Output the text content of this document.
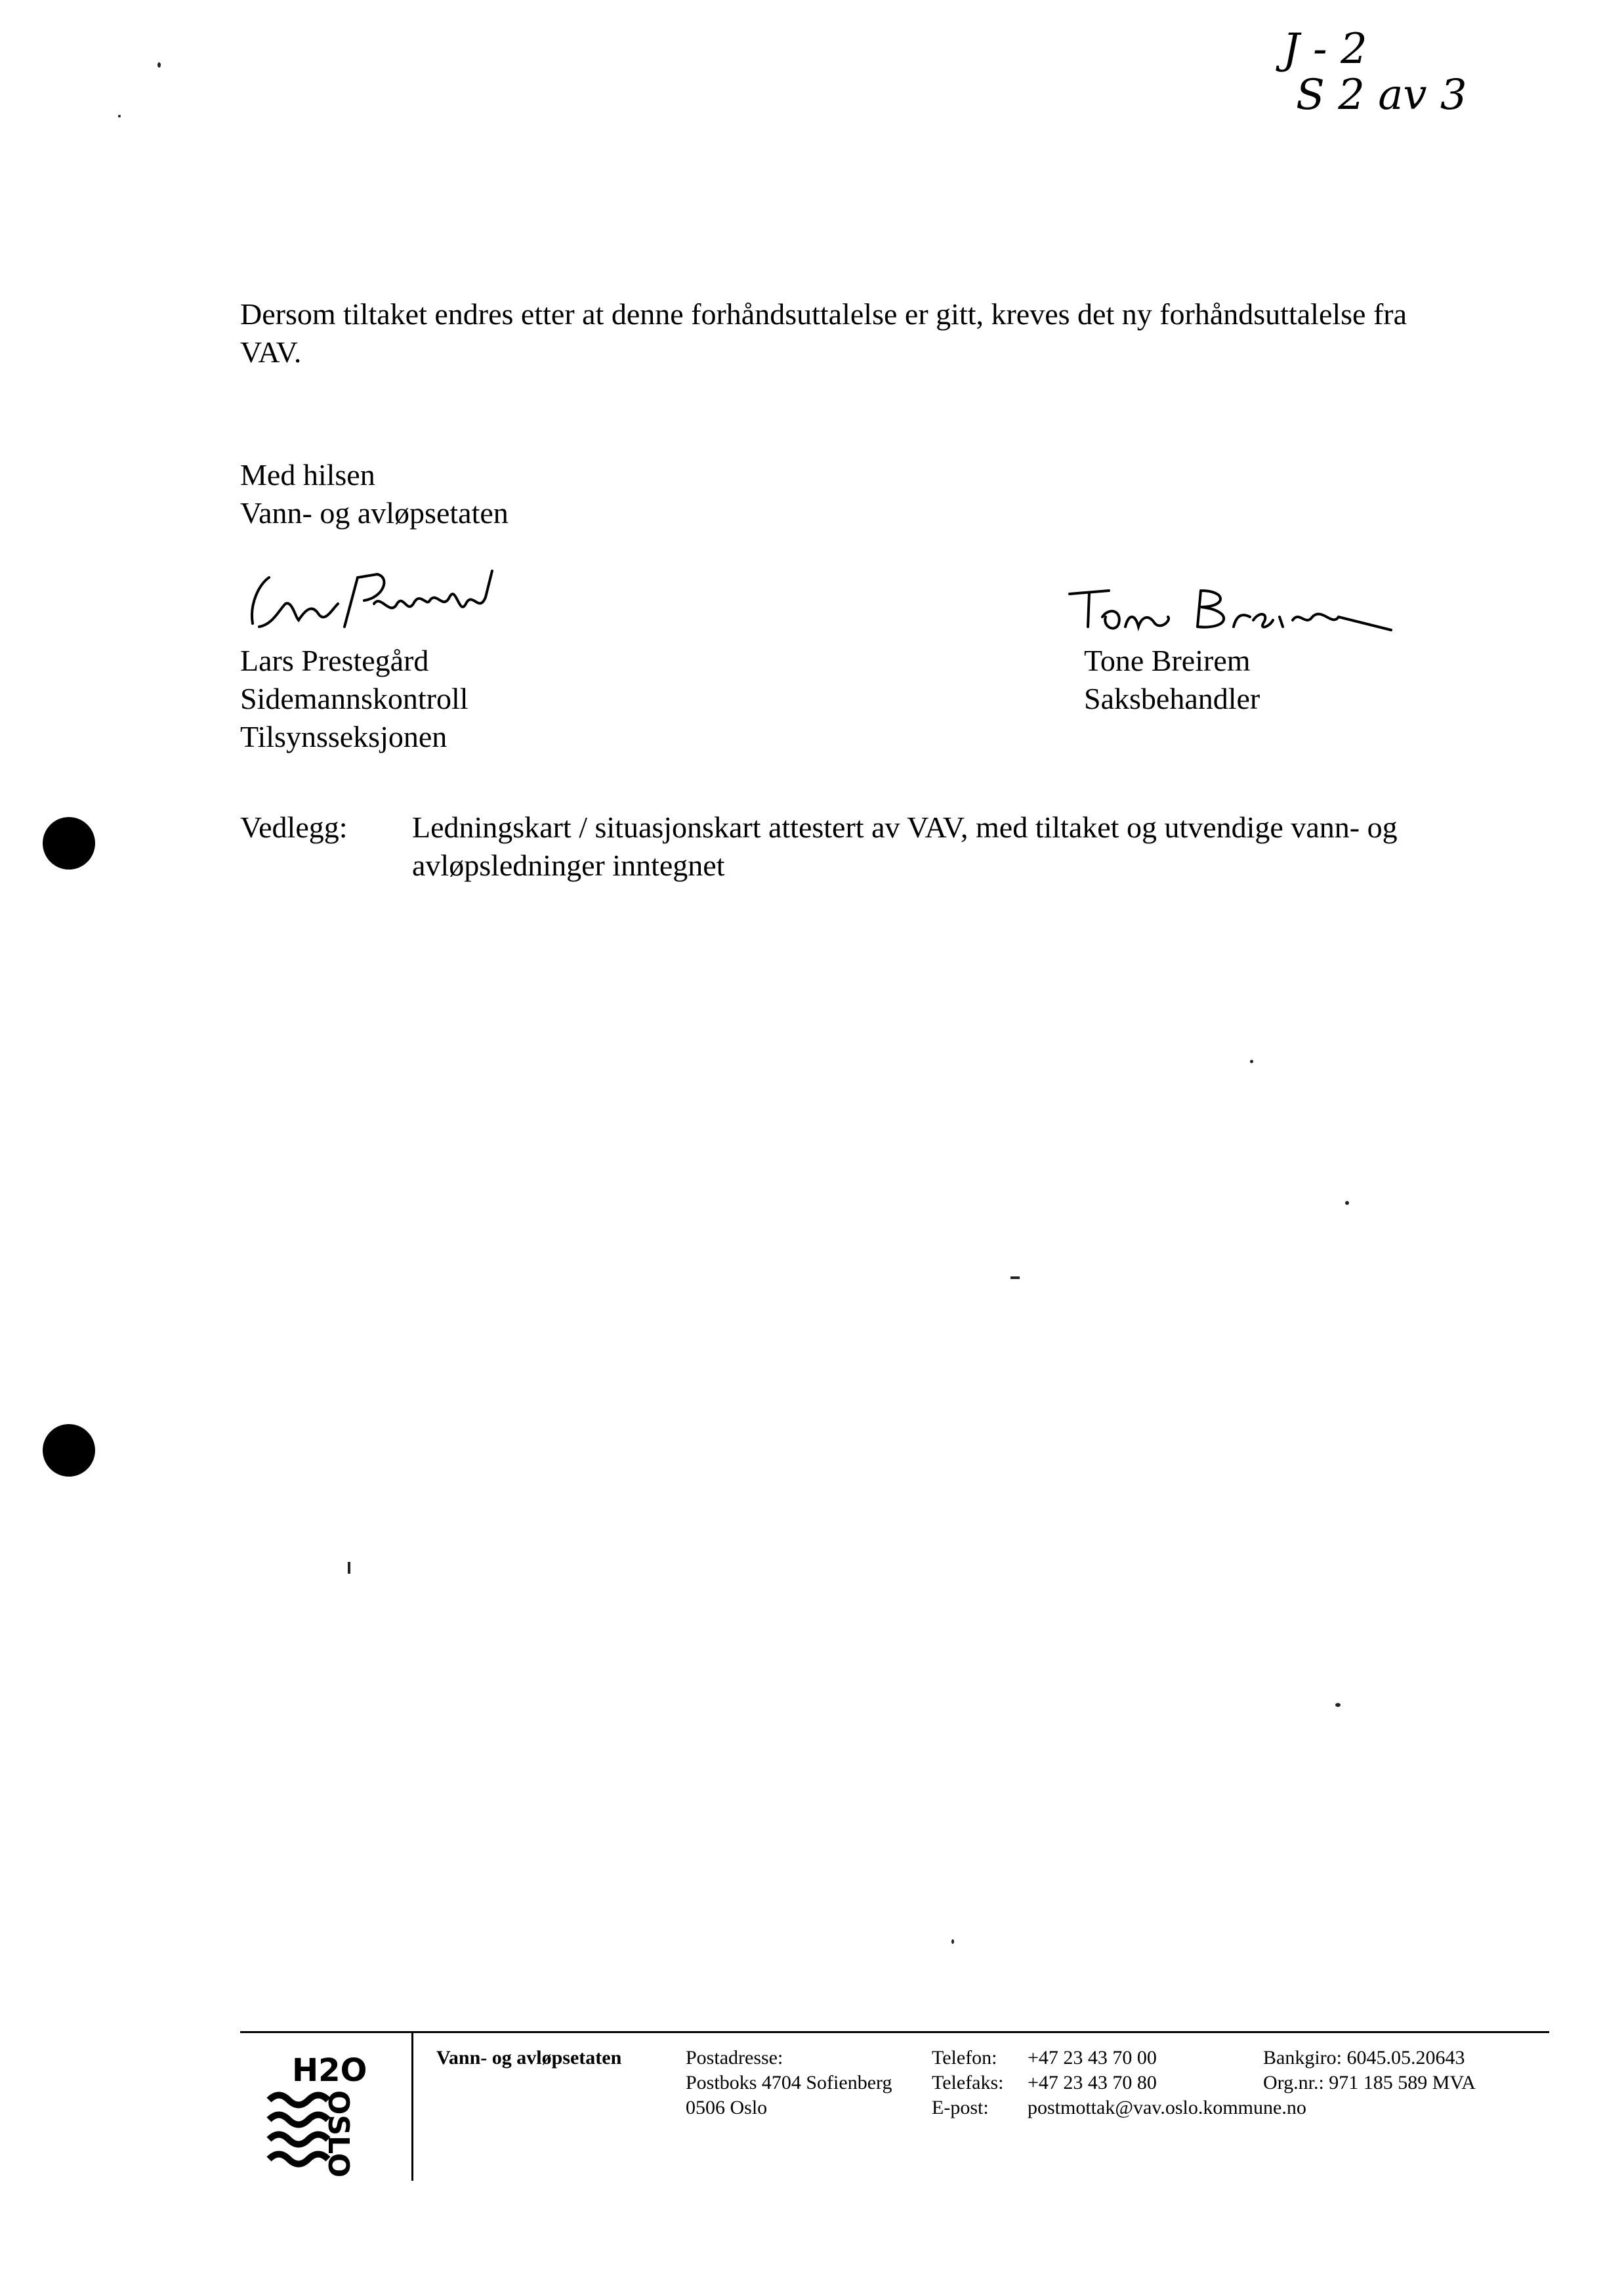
J - 2
S 2 av 3
Dersom tiltaket endres etter at denne forhåndsuttalelse er gitt, kreves det ny forhåndsuttalelse fra
VAV.
Med hilsen
Vann- og avløpsetaten
Lars Prestegård
Sidemannskontroll
Tilsynsseksjonen
Tone Breirem
Saksbehandler
Vedlegg: Ledningskart / situasjonskart attestert av VAV, med tiltaket og utvendige vann- og
avløpsledninger inntegnet
H2O
OSLO
Vann- og avløpsetaten	Postadresse:
Postboks 4704 Sofienberg
0506 Oslo
Telefon:
Telefaks:
E-post:
+47 23 43 70 00
+47 23 43 70 80
postmottak@vav.oslo.kommune.no
Bankgiro: 6045.05.20643
Org.nr.: 971 185 589 MVA
